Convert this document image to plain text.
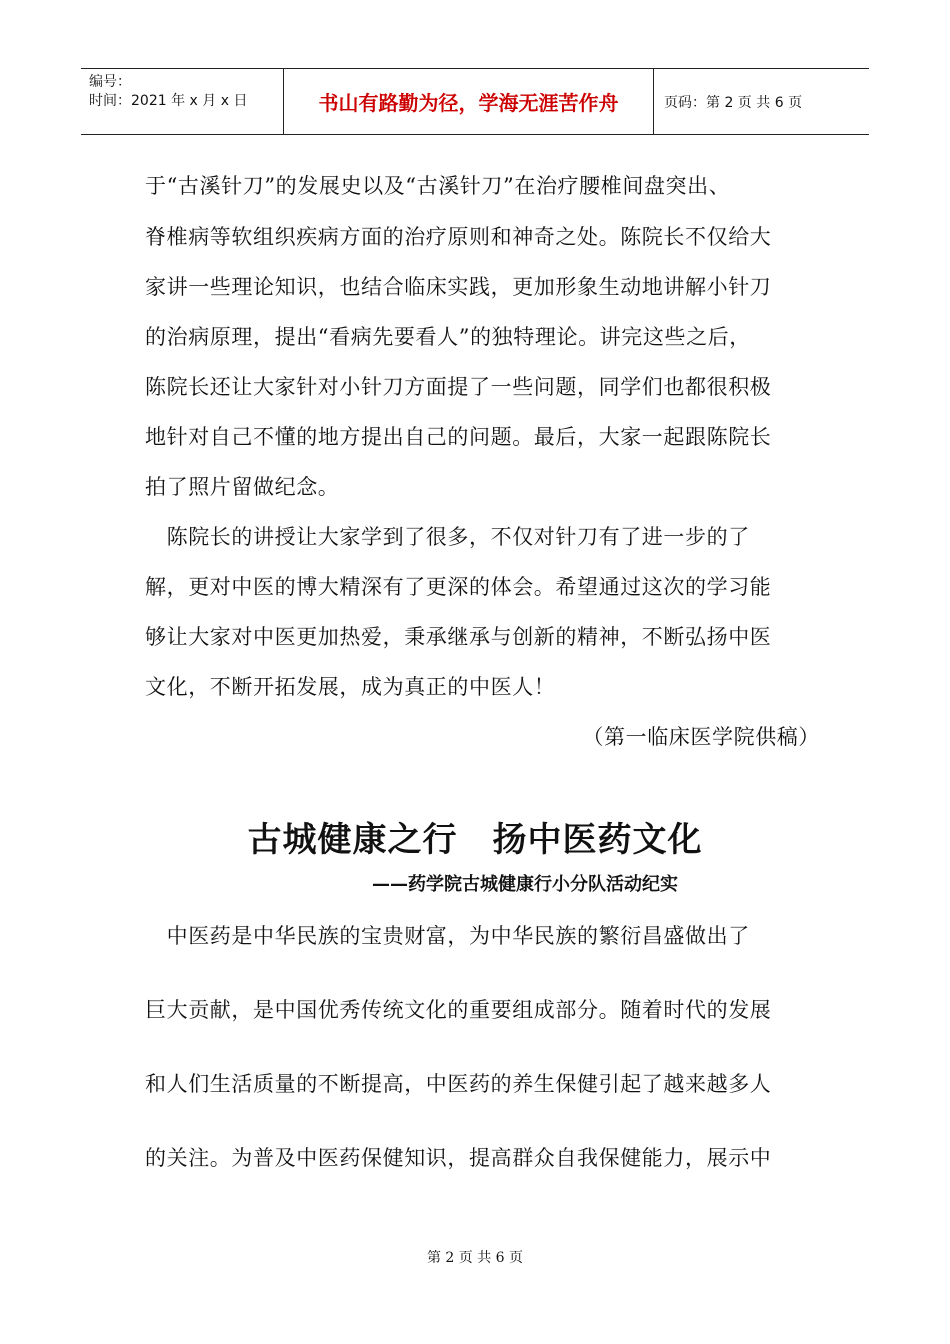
编号：
时间：2021 年 x 月 x 日	书山有路勤为径，学海无涯苦作舟	页码：第 2 页 共 6 页
于“古溪针刀”的发展史以及“古溪针刀”在治疗腰椎间盘突出、
脊椎病等软组织疾病方面的治疗原则和神奇之处。陈院长不仅给大
家讲一些理论知识，也结合临床实践，更加形象生动地讲解小针刀
的治病原理，提出“看病先要看人”的独特理论。讲完这些之后，
陈院长还让大家针对小针刀方面提了一些问题，同学们也都很积极
地针对自己不懂的地方提出自己的问题。最后，大家一起跟陈院长
拍了照片留做纪念。
　陈院长的讲授让大家学到了很多，不仅对针刀有了进一步的了
解，更对中医的博大精深有了更深的体会。希望通过这次的学习能
够让大家对中医更加热爱，秉承继承与创新的精神，不断弘扬中医
文化，不断开拓发展，成为真正的中医人！
（第一临床医学院供稿）
古城健康之行　扬中医药文化
——药学院古城健康行小分队活动纪实
　中医药是中华民族的宝贵财富，为中华民族的繁衍昌盛做出了
巨大贡献，是中国优秀传统文化的重要组成部分。随着时代的发展
和人们生活质量的不断提高，中医药的养生保健引起了越来越多人
的关注。为普及中医药保健知识，提高群众自我保健能力，展示中
第 2 页 共 6 页
